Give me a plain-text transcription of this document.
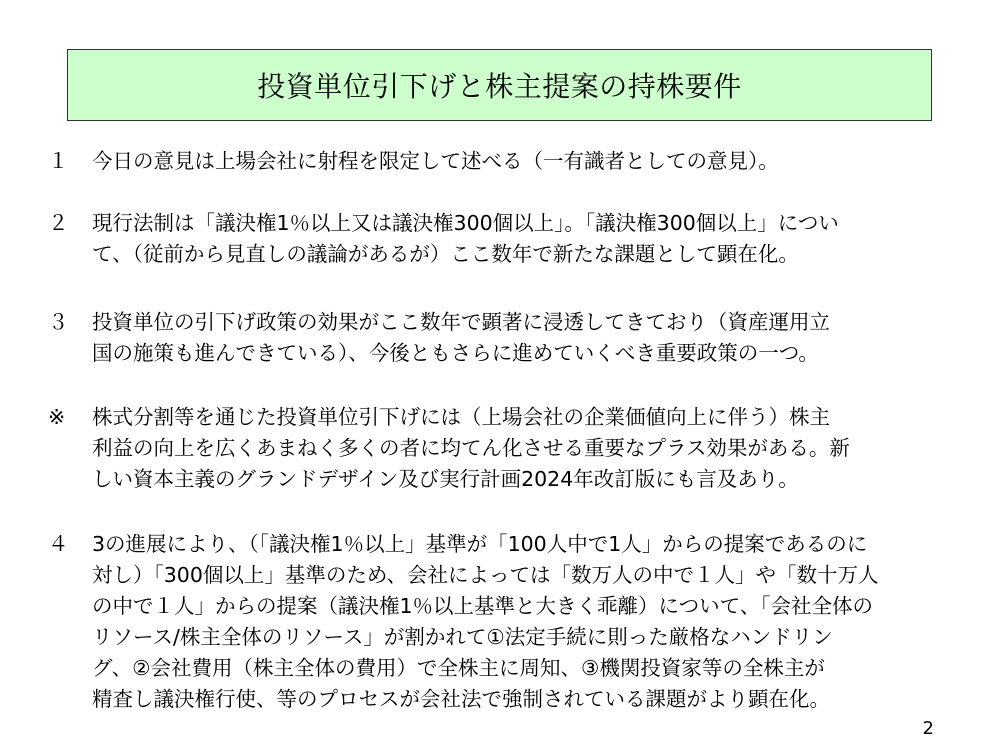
投資単位引下げと株主提案の持株要件
１	今日の意見は上場会社に射程を限定して述べる（一有識者としての意見）。
２	現行法制は「議決権1％以上又は議決権300個以上」。「議決権300個以上」につい
て、（従前から見直しの議論があるが）ここ数年で新たな課題として顕在化。
３	投資単位の引下げ政策の効果がここ数年で顕著に浸透してきており（資産運用立
国の施策も進んできている）、今後ともさらに進めていくべき重要政策の一つ。
※	株式分割等を通じた投資単位引下げには（上場会社の企業価値向上に伴う）株主
利益の向上を広くあまねく多くの者に均てん化させる重要なプラス効果がある。新
しい資本主義のグランドデザイン及び実行計画2024年改訂版にも言及あり。
４	3の進展により、（「議決権1％以上」基準が「100人中で1人」からの提案であるのに
対し）「300個以上」基準のため、会社によっては「数万人の中で１人」や「数十万人
の中で１人」からの提案（議決権1％以上基準と大きく乖離）について、「会社全体の
リソース/株主全体のリソース」が割かれて①法定手続に則った厳格なハンドリン
グ、②会社費用（株主全体の費用）で全株主に周知、③機関投資家等の全株主が
精査し議決権行使、等のプロセスが会社法で強制されている課題がより顕在化。
2
